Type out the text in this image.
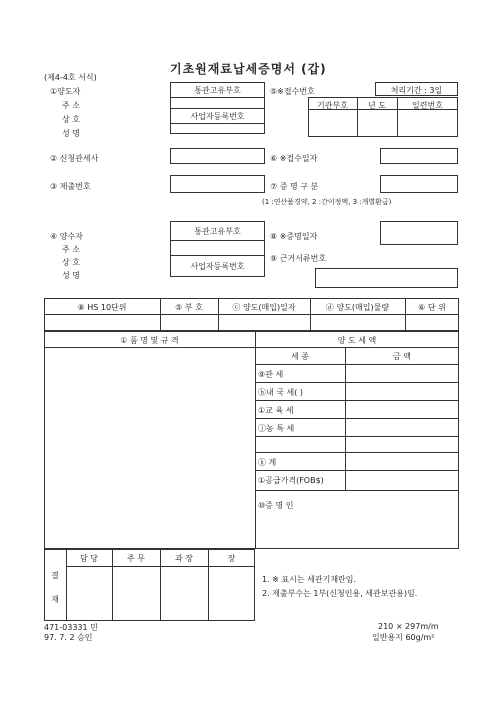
기초원재료납세증명서 (갑)
(제4-4호 서식)
①양도자
주 소
상 호
성 명
통관고유부호
사업자등록번호
⑤※접수번호	처리기간 : 3일
기관부호	년 도	일련번호
② 신청관세사	⑥ ※접수일자
③ 제출번호	⑦ 증 명 구 분
(1 :연산품경약, 2 :간이정액, 3 :개별환급)
④ 양수자
주 소
상 호
성 명
통관고유부호
사업자등록번호
⑧ ※증명일자
⑨ 근거서류번호
⑧ HS 10단위	⑤ 부 호	ⓒ 양도(매입)일자	ⓓ 양도(매입)물량	⑥ 단 위
① 품 명 및 규 격	양 도 세 액
세 종	금 액
⑨관 세
ⓗ내 국 세( )
①교 육 세
ⓙ농 특 세
ⓚ 계
①공급가격(FOB$)
⑩증 명 인
결
재
담 당	주 무	과 장	장
1. ※ 표시는 세관기재란임.
2. 제출부수는 1부(신청인용, 세관보관용)임.
471-03331 민
97. 7. 2 승인
210 × 297m/m
일반용지 60g/m²
